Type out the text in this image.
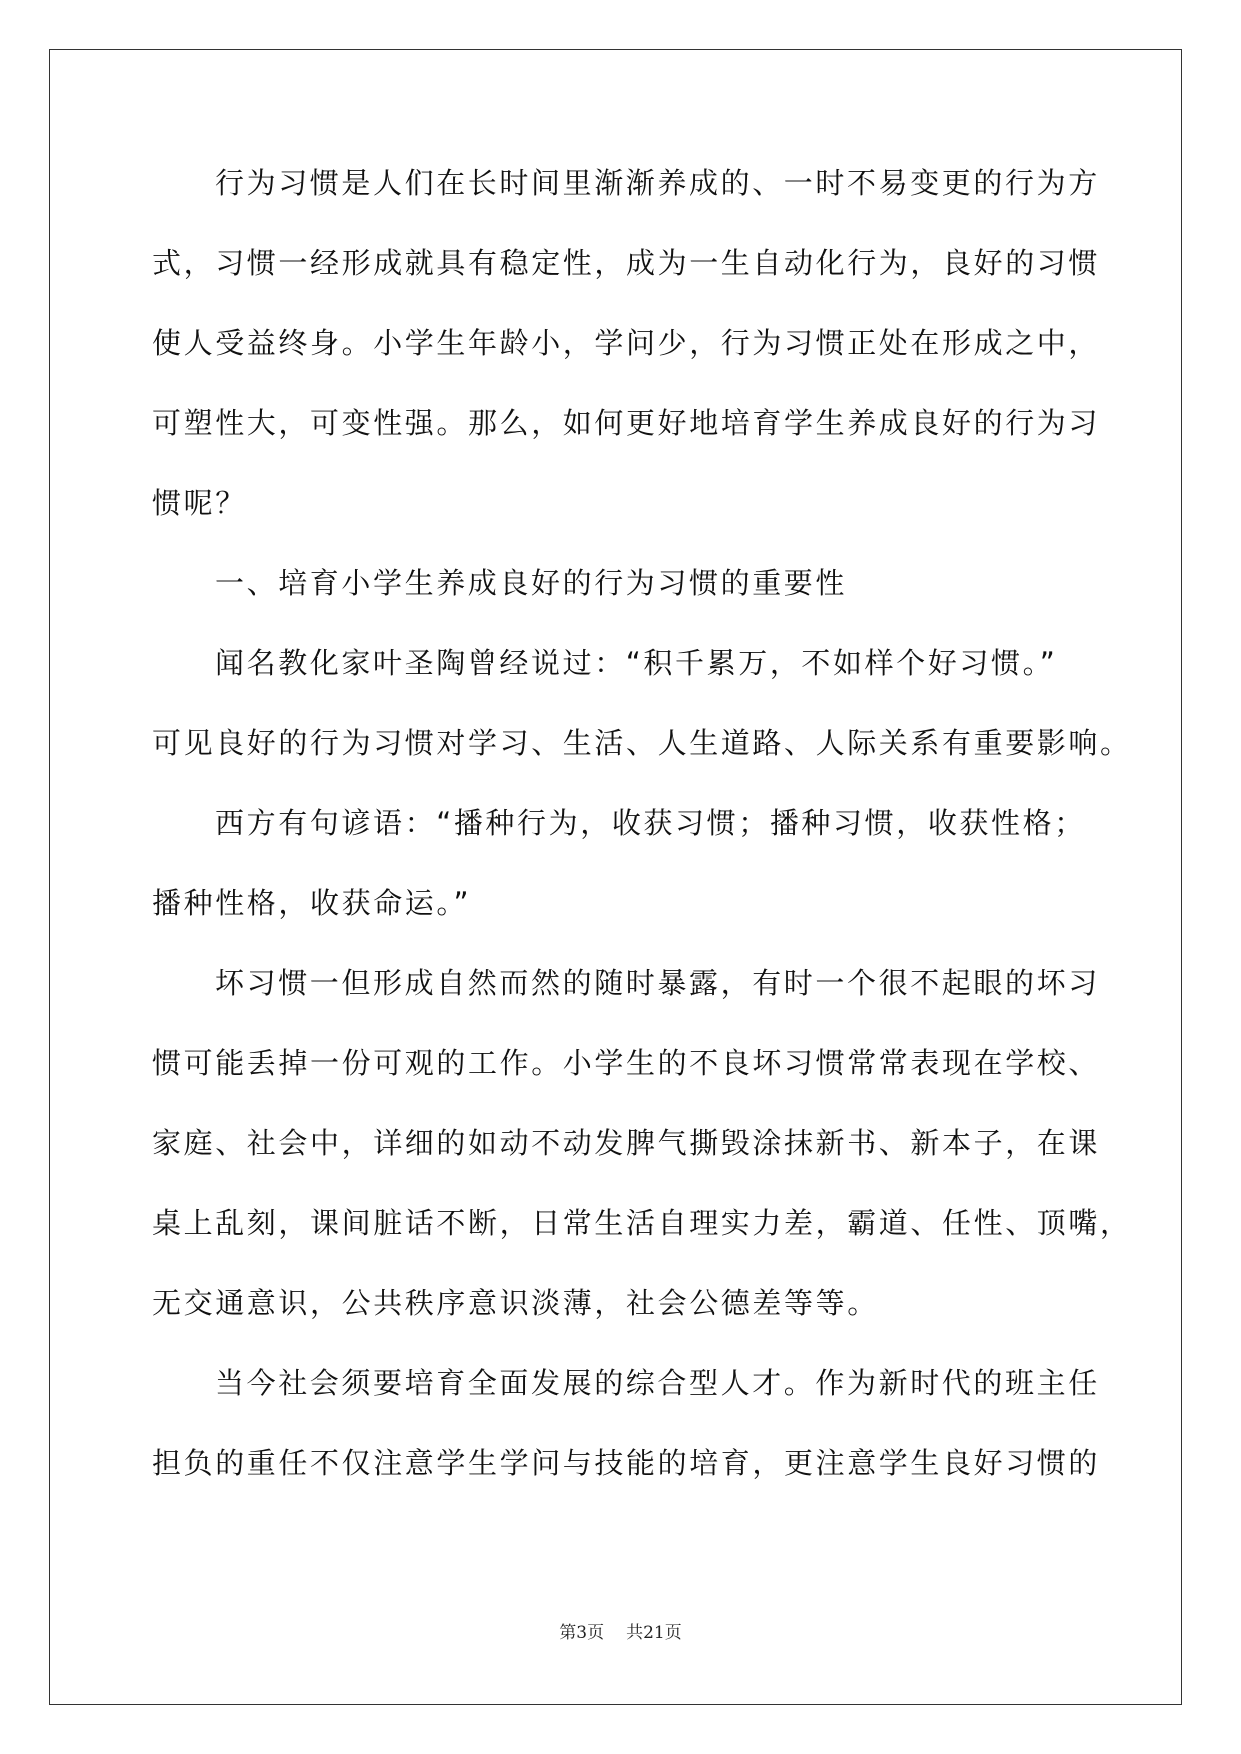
行为习惯是人们在长时间里渐渐养成的、一时不易变更的行为方
式，习惯一经形成就具有稳定性，成为一生自动化行为，良好的习惯
使人受益终身。小学生年龄小，学问少，行为习惯正处在形成之中，
可塑性大，可变性强。那么，如何更好地培育学生养成良好的行为习
惯呢？
一、培育小学生养成良好的行为习惯的重要性
闻名教化家叶圣陶曾经说过：“积千累万，不如样个好习惯。”
可见良好的行为习惯对学习、生活、人生道路、人际关系有重要影响。
西方有句谚语：“播种行为，收获习惯；播种习惯，收获性格；
播种性格，收获命运。”
坏习惯一但形成自然而然的随时暴露，有时一个很不起眼的坏习
惯可能丢掉一份可观的工作。小学生的不良坏习惯常常表现在学校、
家庭、社会中，详细的如动不动发脾气撕毁涂抹新书、新本子，在课
桌上乱刻，课间脏话不断，日常生活自理实力差，霸道、任性、顶嘴，
无交通意识，公共秩序意识淡薄，社会公德差等等。
当今社会须要培育全面发展的综合型人才。作为新时代的班主任
担负的重任不仅注意学生学问与技能的培育，更注意学生良好习惯的
第3页 共21页
